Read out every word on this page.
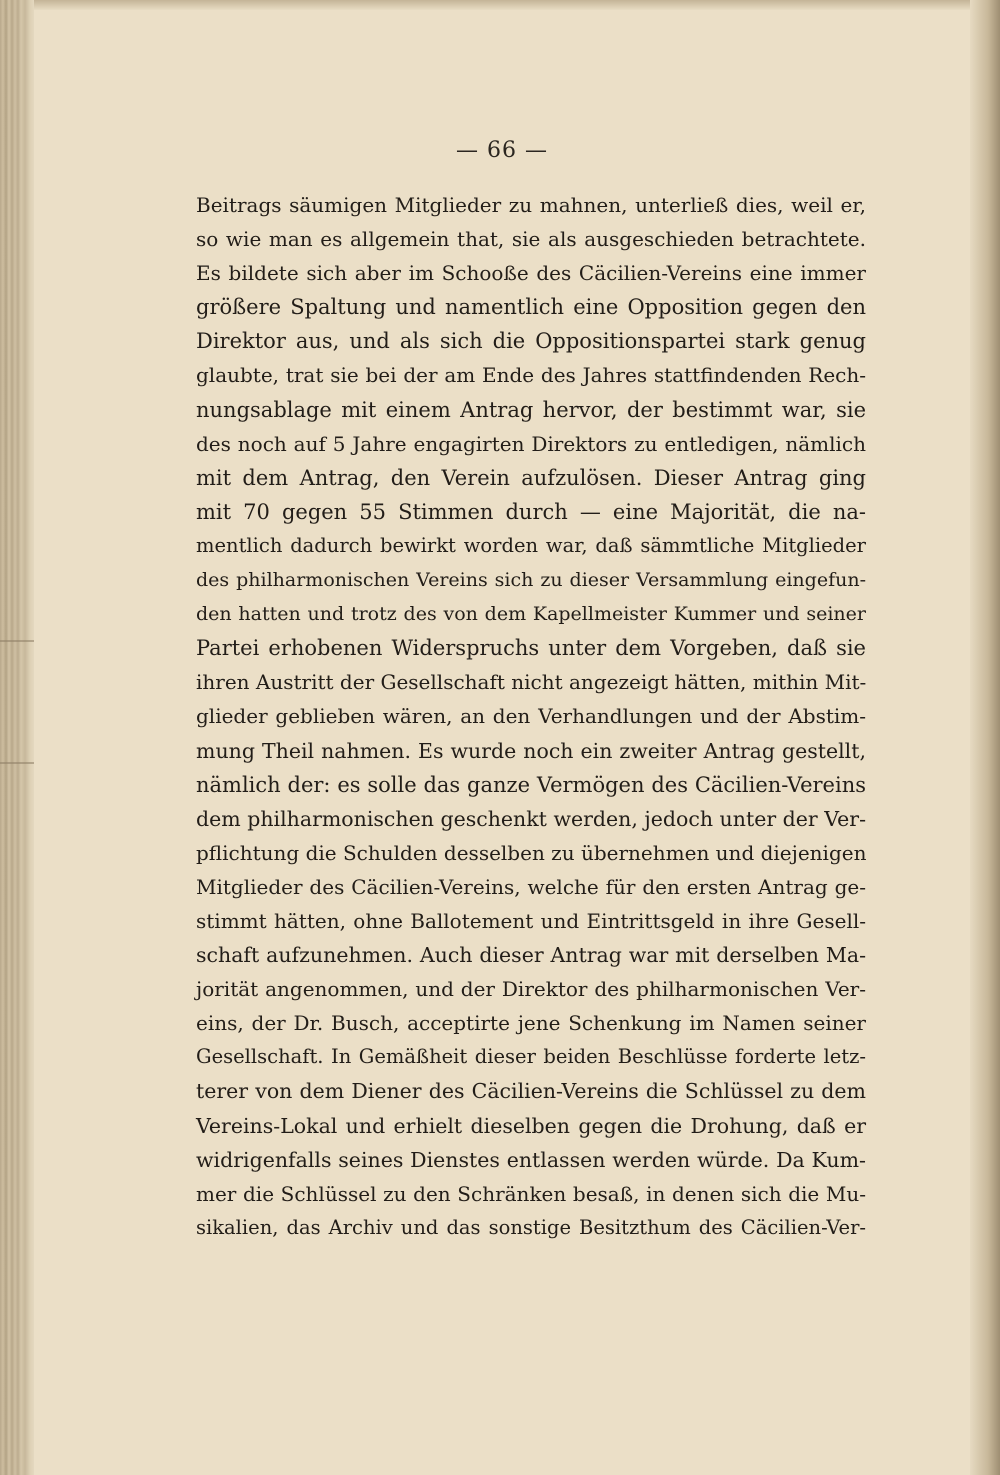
— 66 —
Beitrags säumigen Mitglieder zu mahnen, unterließ dies, weil er,
so wie man es allgemein that, sie als ausgeschieden betrachtete.
Es bildete sich aber im Schooße des Cäcilien-Vereins eine immer
größere Spaltung und namentlich eine Opposition gegen den
Direktor aus, und als sich die Oppositionspartei stark genug
glaubte, trat sie bei der am Ende des Jahres stattfindenden Rech-
nungsablage mit einem Antrag hervor, der bestimmt war, sie
des noch auf 5 Jahre engagirten Direktors zu entledigen, nämlich
mit dem Antrag, den Verein aufzulösen. Dieser Antrag ging
mit 70 gegen 55 Stimmen durch — eine Majorität, die na-
mentlich dadurch bewirkt worden war, daß sämmtliche Mitglieder
des philharmonischen Vereins sich zu dieser Versammlung eingefun-
den hatten und trotz des von dem Kapellmeister Kummer und seiner
Partei erhobenen Widerspruchs unter dem Vorgeben, daß sie
ihren Austritt der Gesellschaft nicht angezeigt hätten, mithin Mit-
glieder geblieben wären, an den Verhandlungen und der Abstim-
mung Theil nahmen. Es wurde noch ein zweiter Antrag gestellt,
nämlich der: es solle das ganze Vermögen des Cäcilien-Vereins
dem philharmonischen geschenkt werden, jedoch unter der Ver-
pflichtung die Schulden desselben zu übernehmen und diejenigen
Mitglieder des Cäcilien-Vereins, welche für den ersten Antrag ge-
stimmt hätten, ohne Ballotement und Eintrittsgeld in ihre Gesell-
schaft aufzunehmen. Auch dieser Antrag war mit derselben Ma-
jorität angenommen, und der Direktor des philharmonischen Ver-
eins, der Dr. Busch, acceptirte jene Schenkung im Namen seiner
Gesellschaft. In Gemäßheit dieser beiden Beschlüsse forderte letz-
terer von dem Diener des Cäcilien-Vereins die Schlüssel zu dem
Vereins-Lokal und erhielt dieselben gegen die Drohung, daß er
widrigenfalls seines Dienstes entlassen werden würde. Da Kum-
mer die Schlüssel zu den Schränken besaß, in denen sich die Mu-
sikalien, das Archiv und das sonstige Besitzthum des Cäcilien-Ver-
